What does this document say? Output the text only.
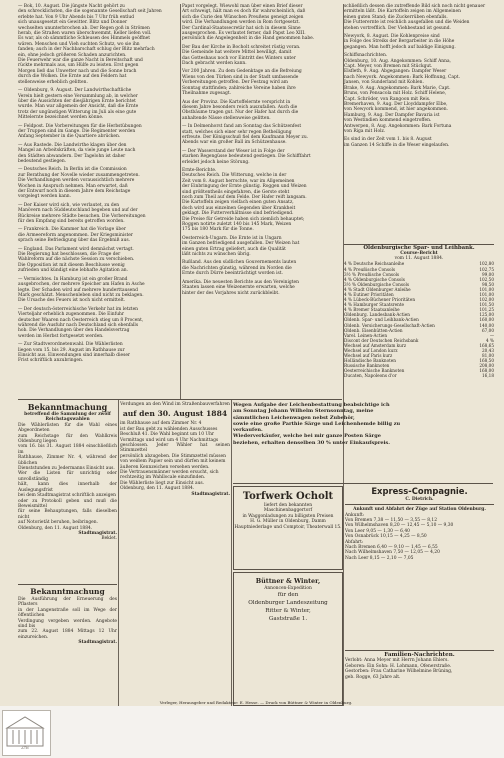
— Bok, 10. August. Die jüngste Nacht gehört zu
den schrecklichsten, die die sogenannte Gesellschaft seit Jahren
erlebte hat. Von 9 Uhr Abends bis 7 Uhr früh entlud
sich unausgesetzt ein Gewitter. Blitz und Donner
wechselten ununterbrochen ab. Der Regen goß in Strömen
herab, die Straßen waren überschwemmt, Keller liefen voll.
Es war, als ob sämmtliche Schleusen des Himmels geöffnet
wären. Menschen und Vieh suchten Schutz, wo sie ihn
fanden; auch in der Nachbarschaft schlug der Blitz mehrfach
ein, ohne jedoch größeren Schaden anzurichten.
Die Feuerwehr war die ganze Nacht in Bereitschaft und
rückte mehrmals aus, um Hülfe zu leisten. Erst gegen
Morgen ließ das Unwetter nach und die Sonne brach
durch die Wolken. Die Ernte auf den Feldern hat
stellenweise erheblich gelitten.
— Oldenburg, 9. August. Der Landwirthschaftliche
Verein hielt gestern eine Versammlung ab, in welcher
über die Aussichten der diesjährigen Ernte berichtet
wurde. Man war allgemein der Ansicht, daß die Ernte
trotz der ungünstigen Witterung im Juli als eine gute
Mittelernte bezeichnet werden könne.
— Feldpost. Die Vorbereitungen für die Herbstübungen
der Truppen sind im Gange. Die Regimenter werden
Anfang September in die Quartiere abrücken.
— Aus Rastede. Die Landwirthe klagen über den
Mangel an Arbeitskräften, da viele junge Leute nach
den Städten abwandern. Der Tagelohn ist daher
bedeutend gestiegen.
— Deutsches Reich. In Berlin ist die Commission
zur Berathung der Novelle wieder zusammengetreten.
Die Verhandlungen werden voraussichtlich mehrere
Wochen in Anspruch nehmen. Man erwartet, daß
der Entwurf noch in diesem Jahre dem Reichstage
vorgelegt werden kann.
— Der Kaiser wird sich, wie verlautet, zu den
Manövern nach Süddeutschland begeben und auf der
Rückreise mehrere Städte besuchen. Die Vorbereitungen
für den Empfang sind bereits getroffen worden.
— Frankreich. Die Kammer hat die Vorlage über
die Armeereform angenommen. Der Kriegsminister
sprach seine Befriedigung über das Ergebniß aus.
— England. Das Parlament wird demnächst vertagt.
Die Regierung hat beschlossen, die Frage der
Wahlreform auf die nächste Session zu verschieben.
Die Opposition ist mit diesem Beschlusse wenig
zufrieden und kündigt eine lebhafte Agitation an.
— Vermischtes. In Hamburg ist ein großer Brand
ausgebrochen, der mehrere Speicher am Hafen in Asche
legte. Der Schaden wird auf mehrere hunderttausend
Mark geschätzt. Menschenleben sind nicht zu beklagen.
Die Ursache des Feuers ist noch nicht ermittelt.
— Der deutsch-österreichische Verkehr hat im letzten
Vierteljahr erheblich zugenommen. Die Einfuhr
deutscher Waaren nach Oesterreich stieg um 8 Procent,
während die Ausfuhr nach Deutschland sich ebenfalls
hob. Die Verhandlungen über den Handelsvertrag
werden im Herbst fortgesetzt werden.
— Zur Stadtverordnetenwahl. Die Wählerlisten
liegen vom 15. bis 29. August im Rathhause zur
Einsicht aus. Einwendungen sind innerhalb dieser
Frist schriftlich anzubringen.
Papst vorgelegt. Wiewohl man über einen Brief dieser
Art schweigt, hält man es doch für wahrscheinlich, daß
sich die Curie den Wünschen Preußens geneigt zeigen
wird. Die Verhandlungen werden in Rom fortgesetzt.
Der Cardinal-Staatssecretär hat sich in diesem Sinne
ausgesprochen. Es verlautet ferner, daß Papst Leo XIII.
persönlich die Angelegenheit in die Hand genommen habe.
Der Bau der Kirche in Bocholt schreitet rüstig voran.
Die Gemeinde hat weitere Mittel bewilligt, damit
das Gotteshaus noch vor Eintritt des Winters unter
Dach gebracht werden kann.
Vor 200 Jahren. Zu dem Gedenktage an die Befreiung
Wiens von den Türken sind in der Stadt umfassende
Vorbereitungen getroffen. Der Festzug wird am
Sonntag stattfinden; zahlreiche Vereine haben ihre
Theilnahme zugesagt.
Aus der Provinz. Die Kartoffelernte verspricht in
diesem Jahre besonders reich auszufallen. Auch die
Obstbäume tragen gut. Nur der Hafer hat durch die
anhaltende Nässe stellenweise gelitten.
— In Delmenhorst fand am Sonntag das Schützenfest
statt, welches sich einer sehr regen Betheiligung
erfreute. Der Königsschuß fiel dem Kaufmann Meyer zu.
Abends war ein großer Ball im Schützenhause.
— Der Wasserstand der Weser ist in Folge der
starken Regengüsse bedeutend gestiegen. Die Schifffahrt
erleidet jedoch keine Störung.
Ernte-Berichte.
Deutsches Reich. Die Witterung, welche in der
Zeit vom 8. August herrschte, war im Allgemeinen
der Einbringung der Ernte günstig. Roggen und Weizen
sind größtentheils eingefahren, die Gerste steht
noch zum Theil auf dem Felde. Der Hafer reift langsam.
Die Kartoffeln zeigen vielfach einen guten Ansatz,
doch wird aus einzelnen Gegenden über Krankheit
geklagt. Die Futterverhältnisse sind befriedigend.
Die Preise für Getreide haben sich ziemlich behauptet;
Roggen notirte zuletzt 140 bis 145 Mark, Weizen
175 bis 180 Mark für die Tonne.
Oesterreich-Ungarn. Die Ernte ist in Ungarn
im Ganzen befriedigend ausgefallen. Der Weizen hat
einen guten Ertrag geliefert, auch die Qualität
läßt nichts zu wünschen übrig.
Rußland. Aus den südlichen Gouvernements lauten
die Nachrichten günstig, während im Norden die
Ernte durch Dürre beeinträchtigt worden ist.
Amerika. Die neuesten Berichte aus den Vereinigten
Staaten lassen eine Weizenernte erwarten, welche
hinter der des Vorjahres nicht zurückbleibt.
schließlich dessen die zutreffende Bild sich noch nicht genauer
ermitteln läßt. Die Kartoffeln zeigen im Allgemeinen
einen guten Stand; die Zuckerrüben ebenfalls.
Die Futterernte ist reichlich ausgefallen und die Weiden
stehen vortrefflich. Der Viehbestand ist gesund.
Newyork, 8. August. Die Kohlenpreise sind
in Folge des Streiks der Bergarbeiter in die Höhe
gegangen. Man hofft jedoch auf baldige Einigung.
Schiffsnachrichten.
Oldenburg, 10. Aug. Angekommen: Schiff Anna,
Capt. Meyer, von Bremen mit Stückgut.
Elsfleth, 9. Aug. Abgegangen: Dampfer Weser
nach Newyork. Angekommen: Bark Hoffnung, Capt.
Jansen, von Sunderland mit Kohlen.
Brake, 9. Aug. Angekommen: Bark Marie, Capt.
Bruns, von Pensacola mit Holz. Schiff Helene,
Capt. Schröder, von Rangoon mit Reis.
Bremerhaven, 9. Aug. Der Lloyddampfer Elbe,
von Newyork kommend, ist hier angekommen.
Hamburg, 9. Aug. Der Dampfer Bavaria ist
von Westindien kommend eingetroffen.
Antwerpen, 8. Aug. Angekommen: Bark Fortuna
von Riga mit Holz.
Es sind in der Zeit vom 1. bis 8. August
im Ganzen 14 Schiffe in die Weser eingelaufen.
Oldenburgische Spar- und Leihbank.
Course-Bericht
vom 11. August 1884.
4 % Deutsche Reichsanleihe	102,80
4 % Preußische Consols	102,75
3½ % Preußische Consols	99,00
4 % Oldenburgische Consols	102,50
3½ % Oldenburgische Consols	98,50
4 % Stadt Oldenburger Anleihe	101,00
4 % Eutiner Prioritäten	101,00
4 % Lübeck-Büchener Prioritäten	102,00
4 % Hamburger Staatsrente	101,50
4 % Bremer Staatsanleihe	101,25
Oldenburg. Landesbank-Actien	125,00
Oldenb. Spar- und Leihbank-Actien	160,00
Oldenb. Versicherungs-Gesellschaft-Actien	140,00
Oldenb. Eisenhütten-Actien	67,00
Varel. Leinen-Actien	—
Discont der Deutschen Reichsbank	4 %
Wechsel auf Amsterdam kurz	168,65
Wechsel auf London kurz	20,43
Wechsel auf Paris kurz	81,00
Holländische Banknoten	168,50
Russische Banknoten	208,00
Oesterreichische Banknoten	168,00
Ducaten, Napoleons d'or	16,18
Bekanntmachung
betreffend die Sammlung der zwölf Reichstagswahlen
Die Wählerlisten für die Wahl eines Abgeordneten
zum Reichstage für den Wahlkreis Oldenburg liegen
vom 16. bis 31. August 1884 einschließlich im
Rathhause, Zimmer Nr. 4, während der üblichen
Dienststunden zu Jedermanns Einsicht aus.
Wer die Listen für unrichtig oder unvollständig
hält, kann dies innerhalb der Auslegungsfrist
bei dem Stadtmagistrat schriftlich anzeigen
oder zu Protokoll geben und muß die Beweismittel
für seine Behauptungen, falls dieselben nicht
auf Notorietät beruhen, beibringen.
Oldenburg, den 11. August 1884.
Stadtmagistrat.
Beklet.
Bekanntmachung
Die Ausführung der Erneuerung des Pflasters
in der Langenstraße soll im Wege der öffentlichen
Verdingung vergeben werden. Angebote sind bis
zum 22. August 1884 Mittags 12 Uhr einzureichen.
Stadtmagistrat.
Verdungen an den Wind im Straßenbauverfahren
auf den 30. August 1884
im Rathhause auf dem Zimmer Nr. 4
ist der Bau gebt zu wählenden Ausschusses
Beschluß 41. Die Wahl beginnt um 10 Uhr
Vormittags und wird um 4 Uhr Nachmittags
geschlossen. Jeder Wähler hat seinen Stimmzettel
persönlich abzugeben. Die Stimmzettel müssen
von weißem Papier sein und dürfen mit keinem
äußeren Kennzeichen versehen werden.
Die Vertrauensmänner werden ersucht, sich
rechtzeitig im Wahllocale einzufinden.
Die Wählerliste liegt zur Einsicht aus.
Oldenburg, den 11. August 1884.
Stadtmagistrat.
Wegen Aufgabe der Leichenbestattung beabsichtige ich
am Sonntag Johann Wilhelm Sternsonntag, meine
sämmtlichen Leichenwagen nebst Zubehör,
sowie eine große Parthie Särge und Leichenhemde billig zu
verkaufen.
Wiederverkäufer, welche bei mir ganze Posten Särge
beziehen, erhalten denselben 30 % unter Einkaufspreis.
Torfwerk Ocholt
liefert den bekannten
Maschinenbaggertorf
in Waggonladungen zu billigsten Preisen
H. G. Müller in Oldenburg, Damm
Hauptniederlage und Comptoir, Theaterwall 15.
Büttner & Winter,
Annoncen-Expedition
für den
Oldenburger Landeszeitung
Ritter & Winter,
Gaststraße 1.
Express-Compagnie.
C. Dietrich.
Ankunft und Abfahrt der Züge auf Station Oldenburg.
Ankunft:
Von Bremen 7,38 — 11,50 — 3,55 — 8,12
Von Wilhelmshaven 8,20 — 12,45 — 5,10 — 9,30
Von Leer 9,05 — 1,30 — 6,40
Von Osnabrück 10,15 — 4,25 — 8,50
Abfahrt:
Nach Bremen 6,40 — 9,10 — 1,45 — 6,55
Nach Wilhelmshaven 7,50 — 12,05 — 4,20
Nach Leer 8,15 — 2,10 — 7,05
Familien-Nachrichten.
Verlobt: Anna Meyer mit Herrn Johann Ehlers.
Geboren: Ein Sohn: H. Lohmann, Ofenerstraße.
Gestorben: Frau Catharine Wilhelmine Brüning,
geb. Rogge, 63 Jahre alt.
Verleger, Herausgeber und Redakteur: E. Hesse. — Druck von Büttner & Winter in Oldenburg.
ZfB
